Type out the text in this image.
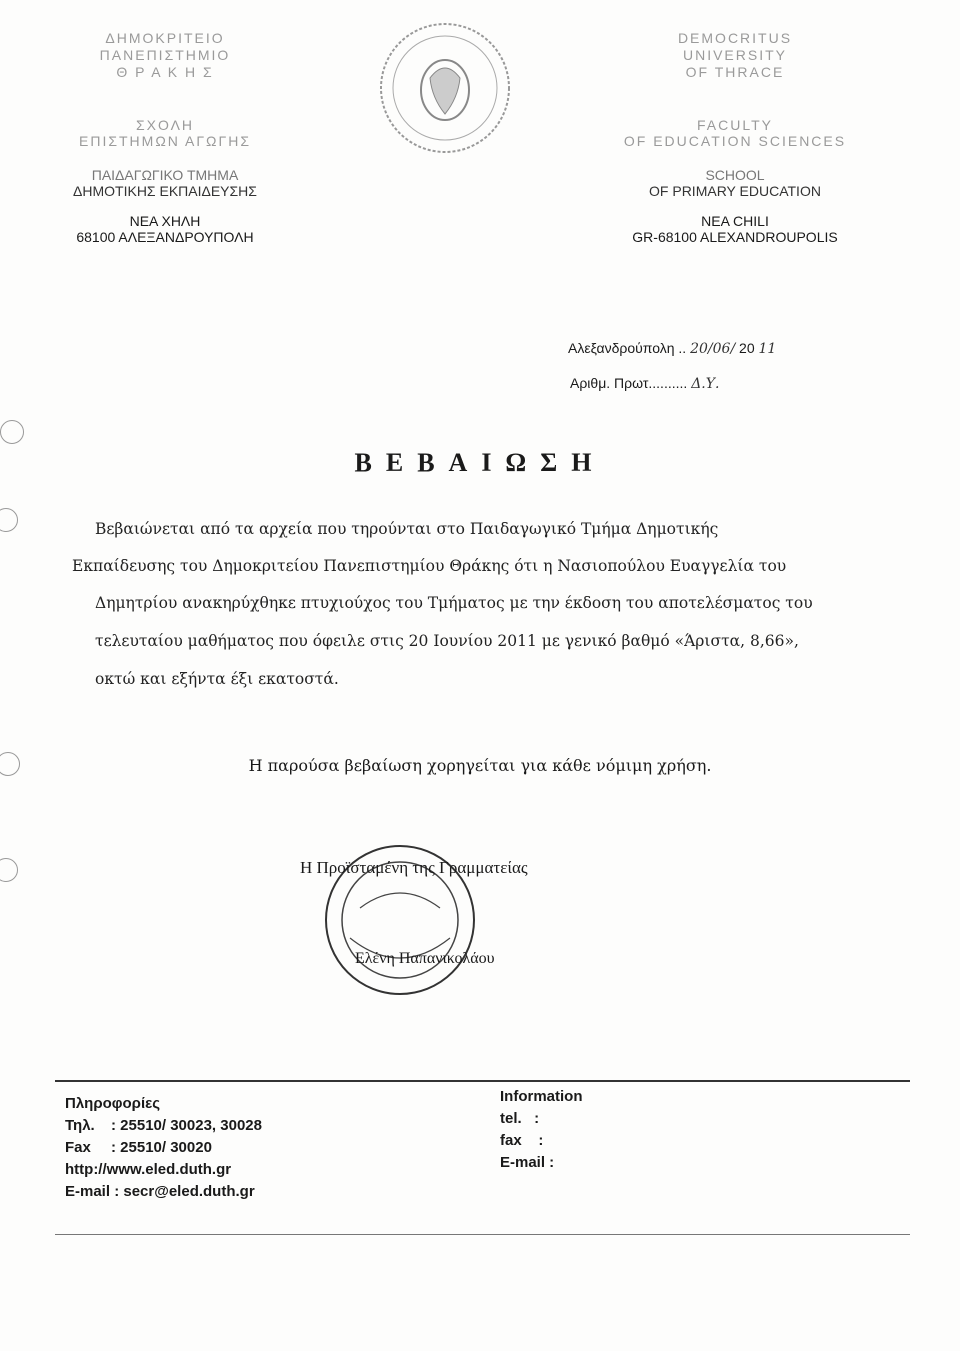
ΔΗΜΟΚΡΙΤΕΙΟ
ΠΑΝΕΠΙΣΤΗΜΙΟ
Θ Ρ Α Κ Η Σ
ΣΧΟΛΗ
ΕΠΙΣΤΗΜΩΝ ΑΓΩΓΗΣ
ΠΑΙΔΑΓΩΓΙΚΟ ΤΜΗΜΑ
ΔΗΜΟΤΙΚΗΣ ΕΚΠΑΙΔΕΥΣΗΣ
ΝΕΑ ΧΗΛΗ
68100 ΑΛΕΞΑΝΔΡΟΥΠΟΛΗ
DEMOCRITUS
UNIVERSITY
OF THRACE
FACULTY
OF EDUCATION SCIENCES
SCHOOL
OF PRIMARY EDUCATION
NEA CHILI
GR-68100 ALEXANDROUPOLIS
Αλεξανδρούπολη .. 20/06/ 20 11
Αριθμ. Πρωτ.......... Δ.Υ.
ΒΕΒΑΙΩΣΗ
Βεβαιώνεται από τα αρχεία που τηρούνται στο Παιδαγωγικό Τμήμα Δημοτικής
Εκπαίδευσης του Δημοκριτείου Πανεπιστημίου Θράκης ότι η Νασιοπούλου Ευαγγελία του
Δημητρίου ανακηρύχθηκε πτυχιούχος του Τμήματος με την έκδοση του αποτελέσματος του
τελευταίου μαθήματος που όφειλε στις 20 Ιουνίου 2011 με γενικό βαθμό «Άριστα, 8,66»,
οκτώ και εξήντα έξι εκατοστά.
Η παρούσα βεβαίωση χορηγείται για κάθε νόμιμη χρήση.
Η Προϊσταμένη της Γραμματείας
Ελένη Παπανικολάου
Πληροφορίες
Τηλ. : 25510/ 30023, 30028
Fax : 25510/ 30020
http://www.eled.duth.gr
E-mail : secr@eled.duth.gr
Information
tel.   :
fax    :
E-mail :
